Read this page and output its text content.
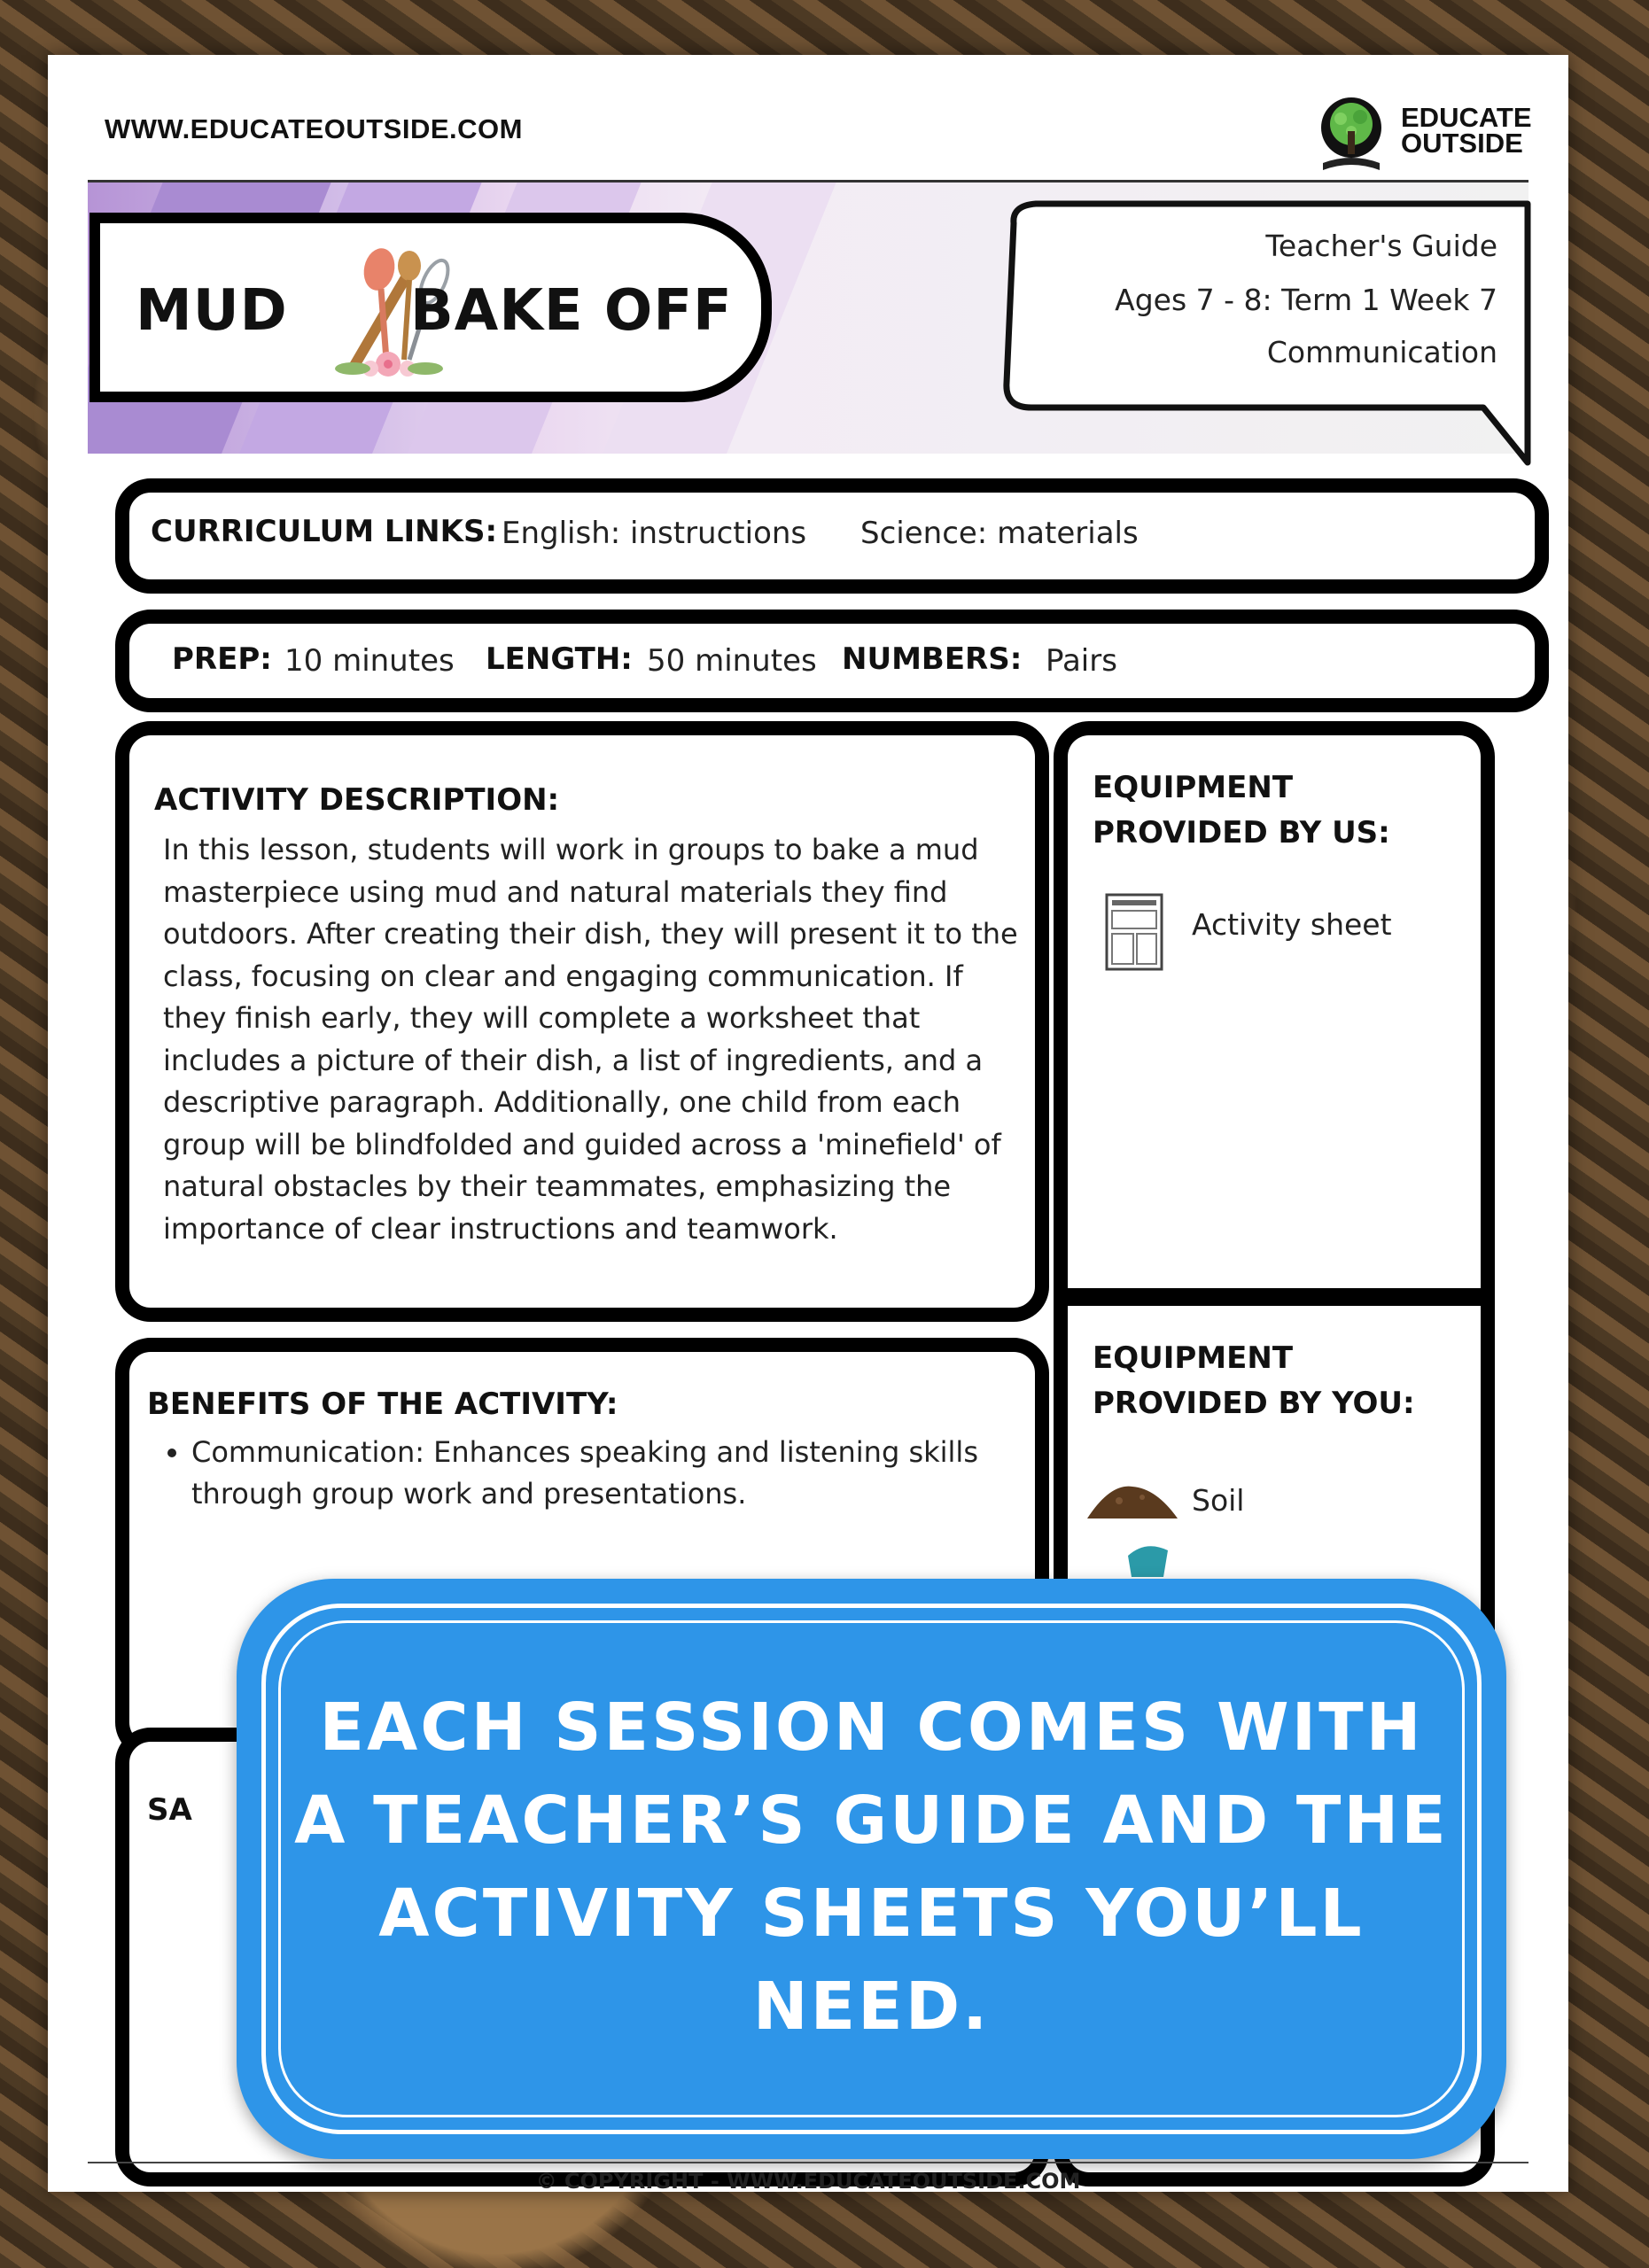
WWW.EDUCATEOUTSIDE.COM	EDUCATE
OUTSIDE
MUD BAKE OFF
Teacher's Guide
Ages 7 - 8: Term 1 Week 7
Communication
CURRICULUM LINKS: English: instructions Science: materials
PREP: 10 minutes LENGTH: 50 minutes NUMBERS: Pairs
ACTIVITY DESCRIPTION:
In this lesson, students will work in groups to bake a mud
masterpiece using mud and natural materials they find
outdoors. After creating their dish, they will present it to the
class, focusing on clear and engaging communication. If
they finish early, they will complete a worksheet that
includes a picture of their dish, a list of ingredients, and a
descriptive paragraph. Additionally, one child from each
group will be blindfolded and guided across a 'minefield' of
natural obstacles by their teammates, emphasizing the
importance of clear instructions and teamwork.
EQUIPMENT
PROVIDED BY US:
Activity sheet
EQUIPMENT
PROVIDED BY YOU:
Soil
BENEFITS OF THE ACTIVITY:
• Communication: Enhances speaking and listening skills
through group work and presentations.
SA
EACH SESSION COMES WITH
A TEACHER’S GUIDE AND THE
ACTIVITY SHEETS YOU’LL
NEED.
© COPYRIGHT - WWW.EDUCATEOUTSIDE.COM
